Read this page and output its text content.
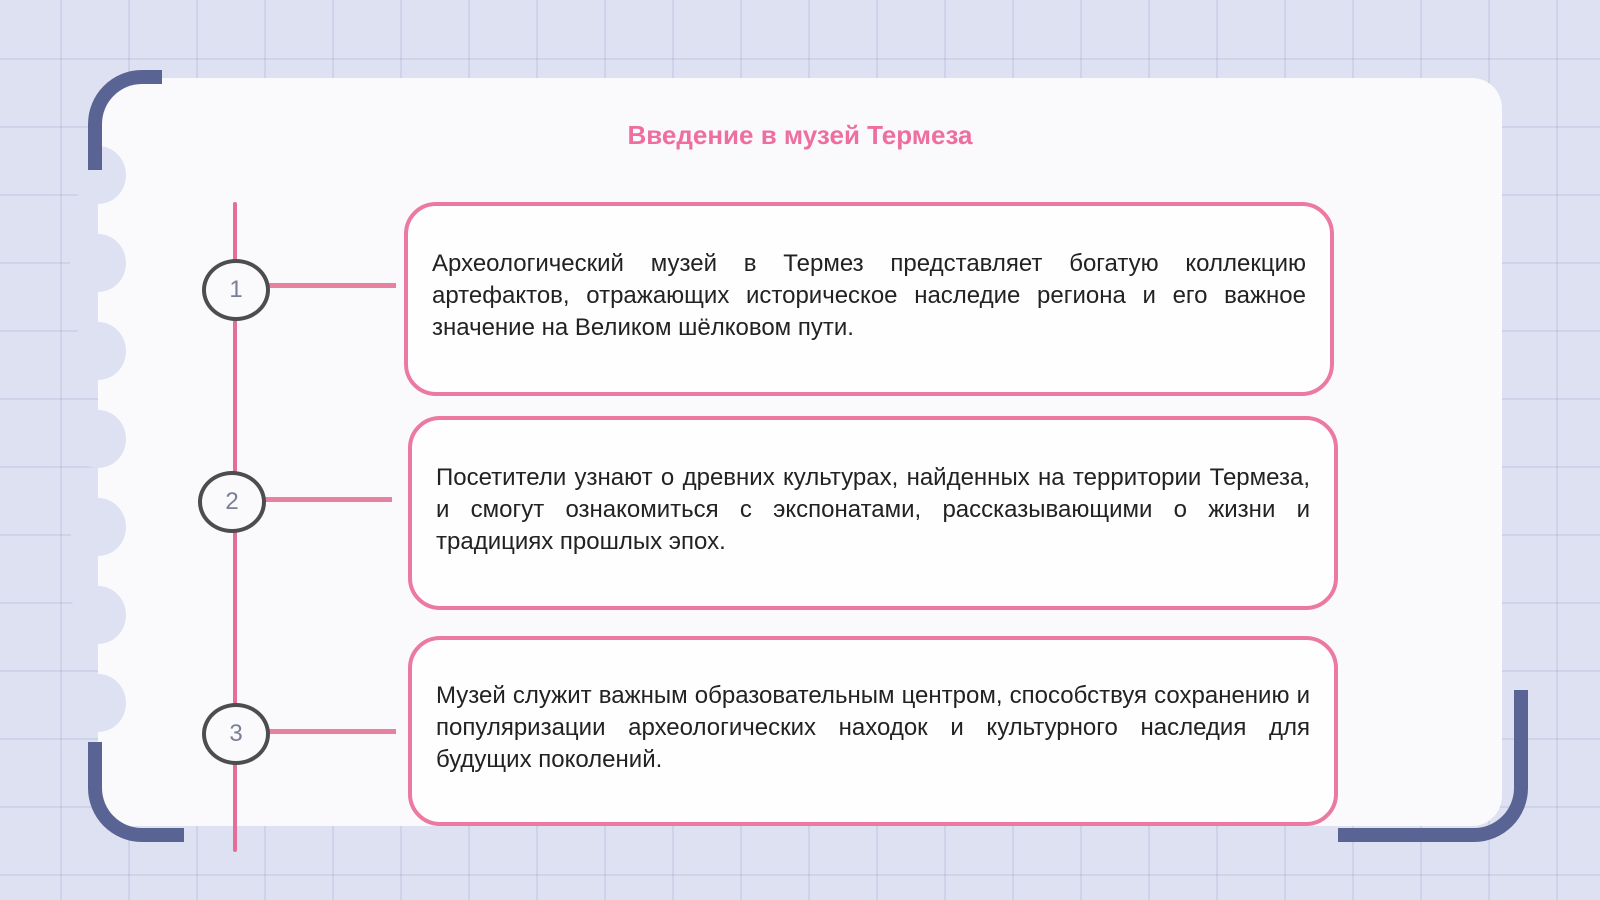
Введение в музей Термеза
1
2
3

Археологический музей в Термез представляет богатую коллекцию артефактов, отражающих историческое наследие региона и его важное значение на Великом шёлковом пути.

Посетители узнают о древних культурах, найденных на территории Термеза, и смогут ознакомиться с экспонатами, рассказывающими о жизни и традициях прошлых эпох.

Музей служит важным образовательным центром, способствуя сохранению и популяризации археологических находок и культурного наследия для будущих поколений.
